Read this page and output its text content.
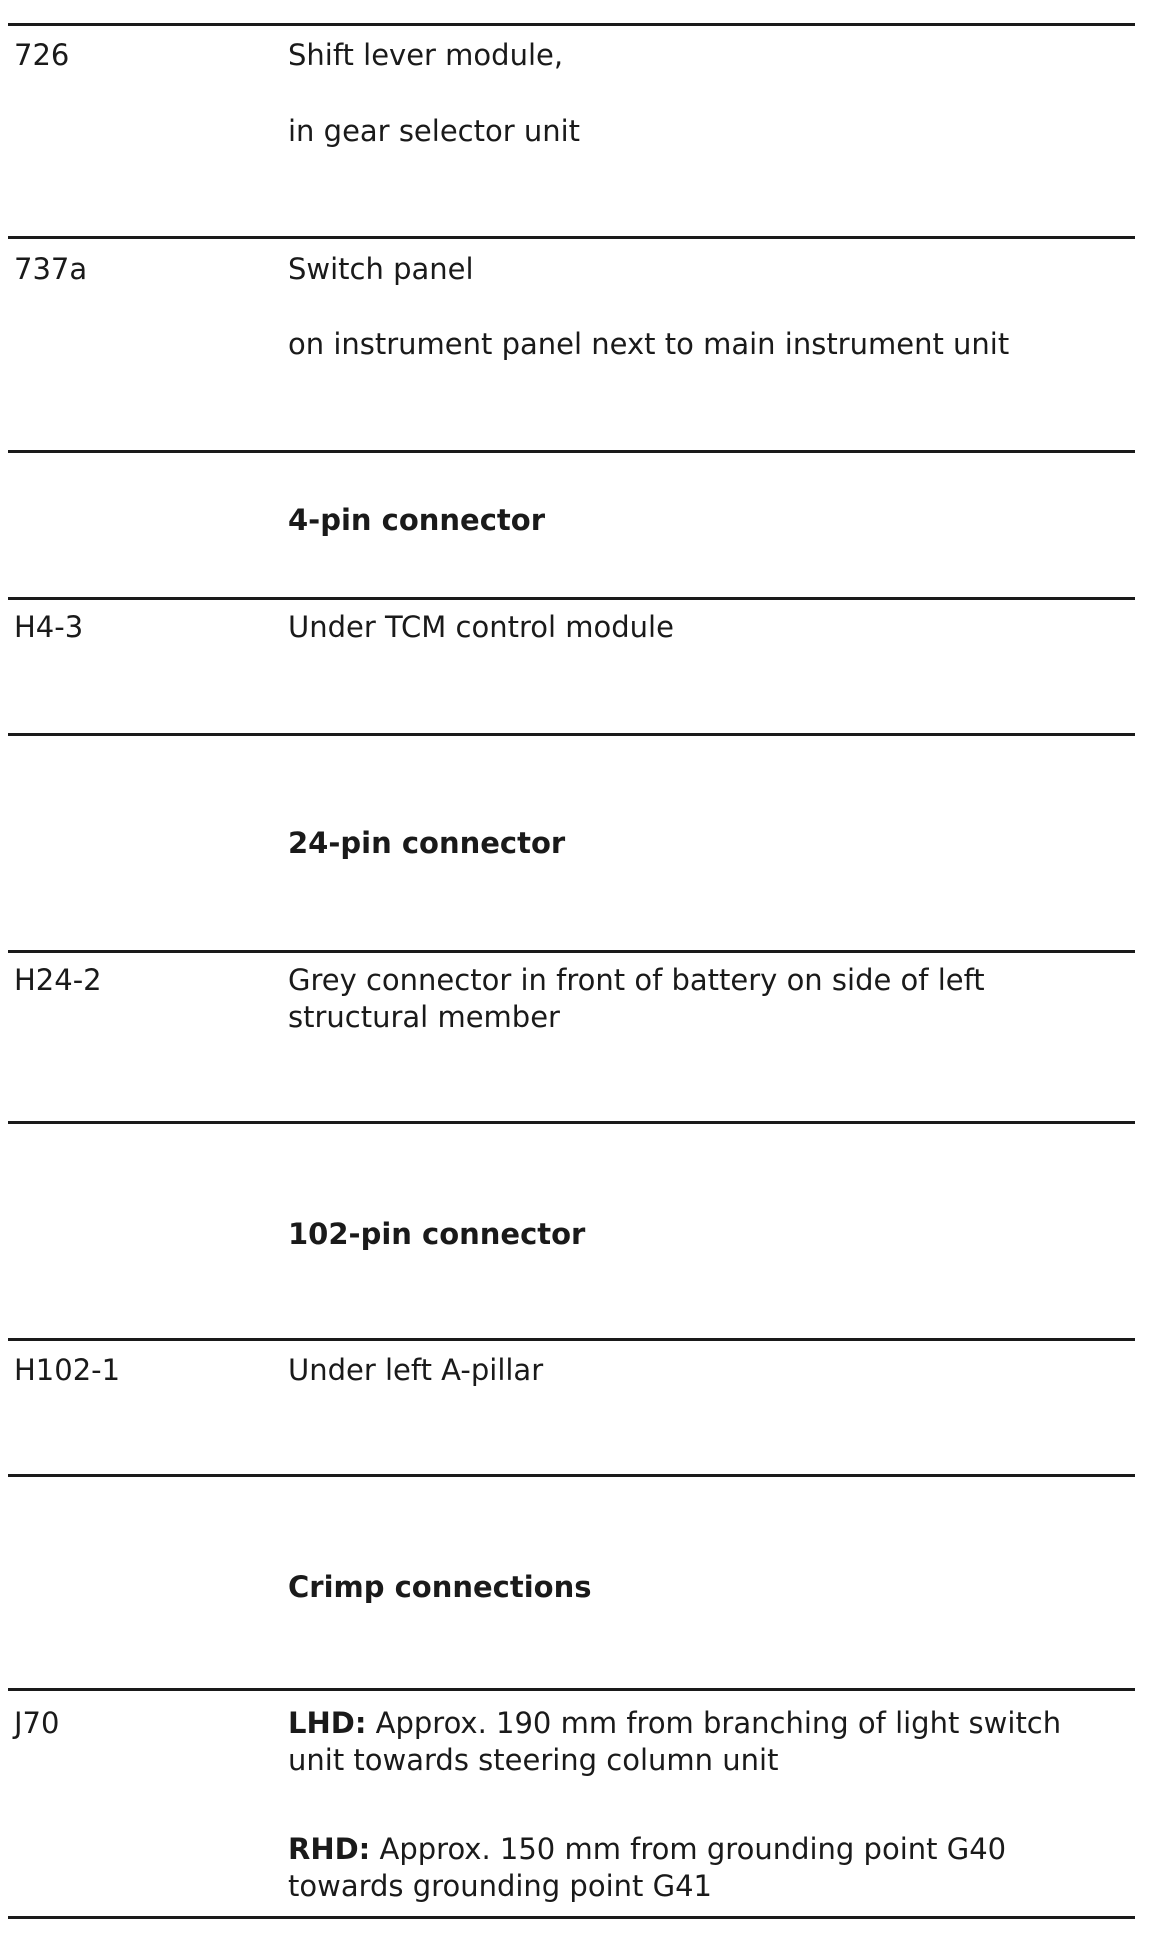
726	Shift lever module,
in gear selector unit
737a	Switch panel
on instrument panel next to main instrument unit
4-pin connector
H4-3	Under TCM control module
24-pin connector
H24-2	Grey connector in front of battery on side of left structural member
102-pin connector
H102-1	Under left A-pillar
Crimp connections
J70	LHD: Approx. 190 mm from branching of light switch unit towards steering column unit
RHD: Approx. 150 mm from grounding point G40 towards grounding point G41
